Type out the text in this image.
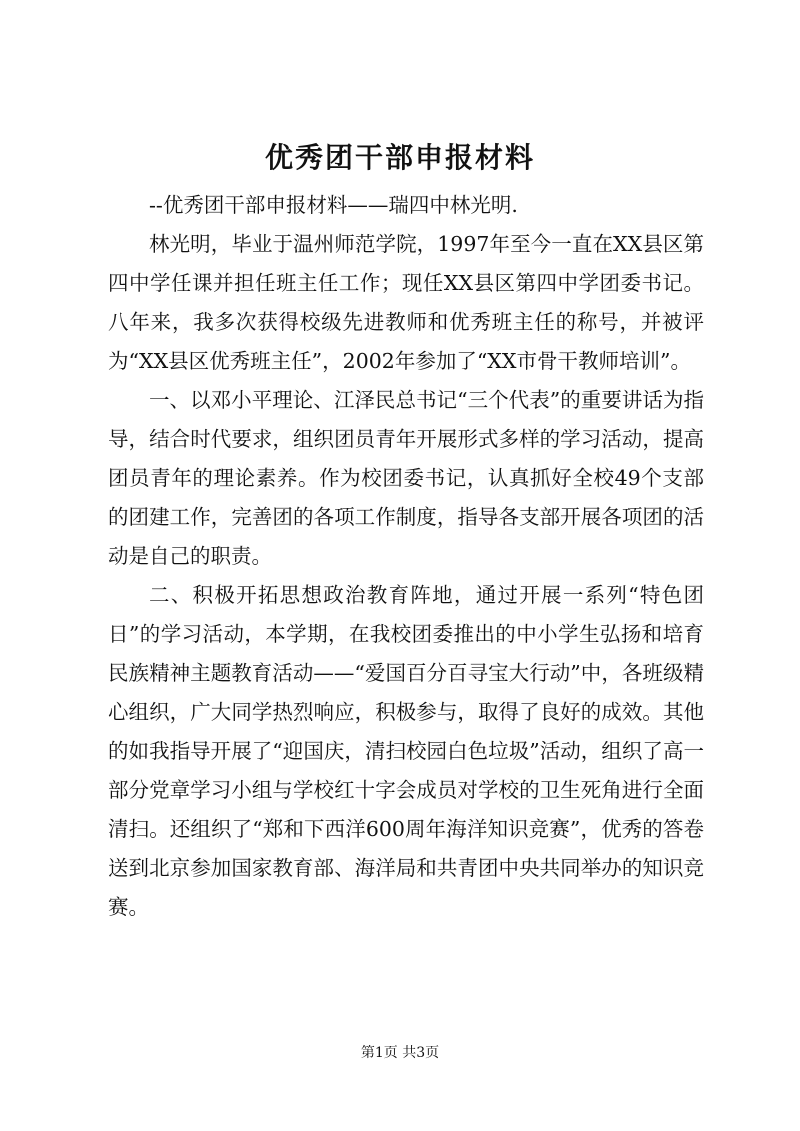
优秀团干部申报材料

--优秀团干部申报材料——瑞四中林光明.

林光明，毕业于温州师范学院，1997年至今一直在XX县区第四中学任课并担任班主任工作；现任XX县区第四中学团委书记。八年来，我多次获得校级先进教师和优秀班主任的称号，并被评为“XX县区优秀班主任”，2002年参加了“XX市骨干教师培训”。

一、以邓小平理论、江泽民总书记“三个代表”的重要讲话为指导，结合时代要求，组织团员青年开展形式多样的学习活动，提高团员青年的理论素养。作为校团委书记，认真抓好全校49个支部的团建工作，完善团的各项工作制度，指导各支部开展各项团的活动是自己的职责。

二、积极开拓思想政治教育阵地，通过开展一系列“特色团日”的学习活动，本学期，在我校团委推出的中小学生弘扬和培育民族精神主题教育活动——“爱国百分百寻宝大行动”中，各班级精心组织，广大同学热烈响应，积极参与，取得了良好的成效。其他的如我指导开展了“迎国庆，清扫校园白色垃圾”活动，组织了高一部分党章学习小组与学校红十字会成员对学校的卫生死角进行全面清扫。还组织了“郑和下西洋600周年海洋知识竞赛”，优秀的答卷送到北京参加国家教育部、海洋局和共青团中央共同举办的知识竞赛。

第1页 共3页
